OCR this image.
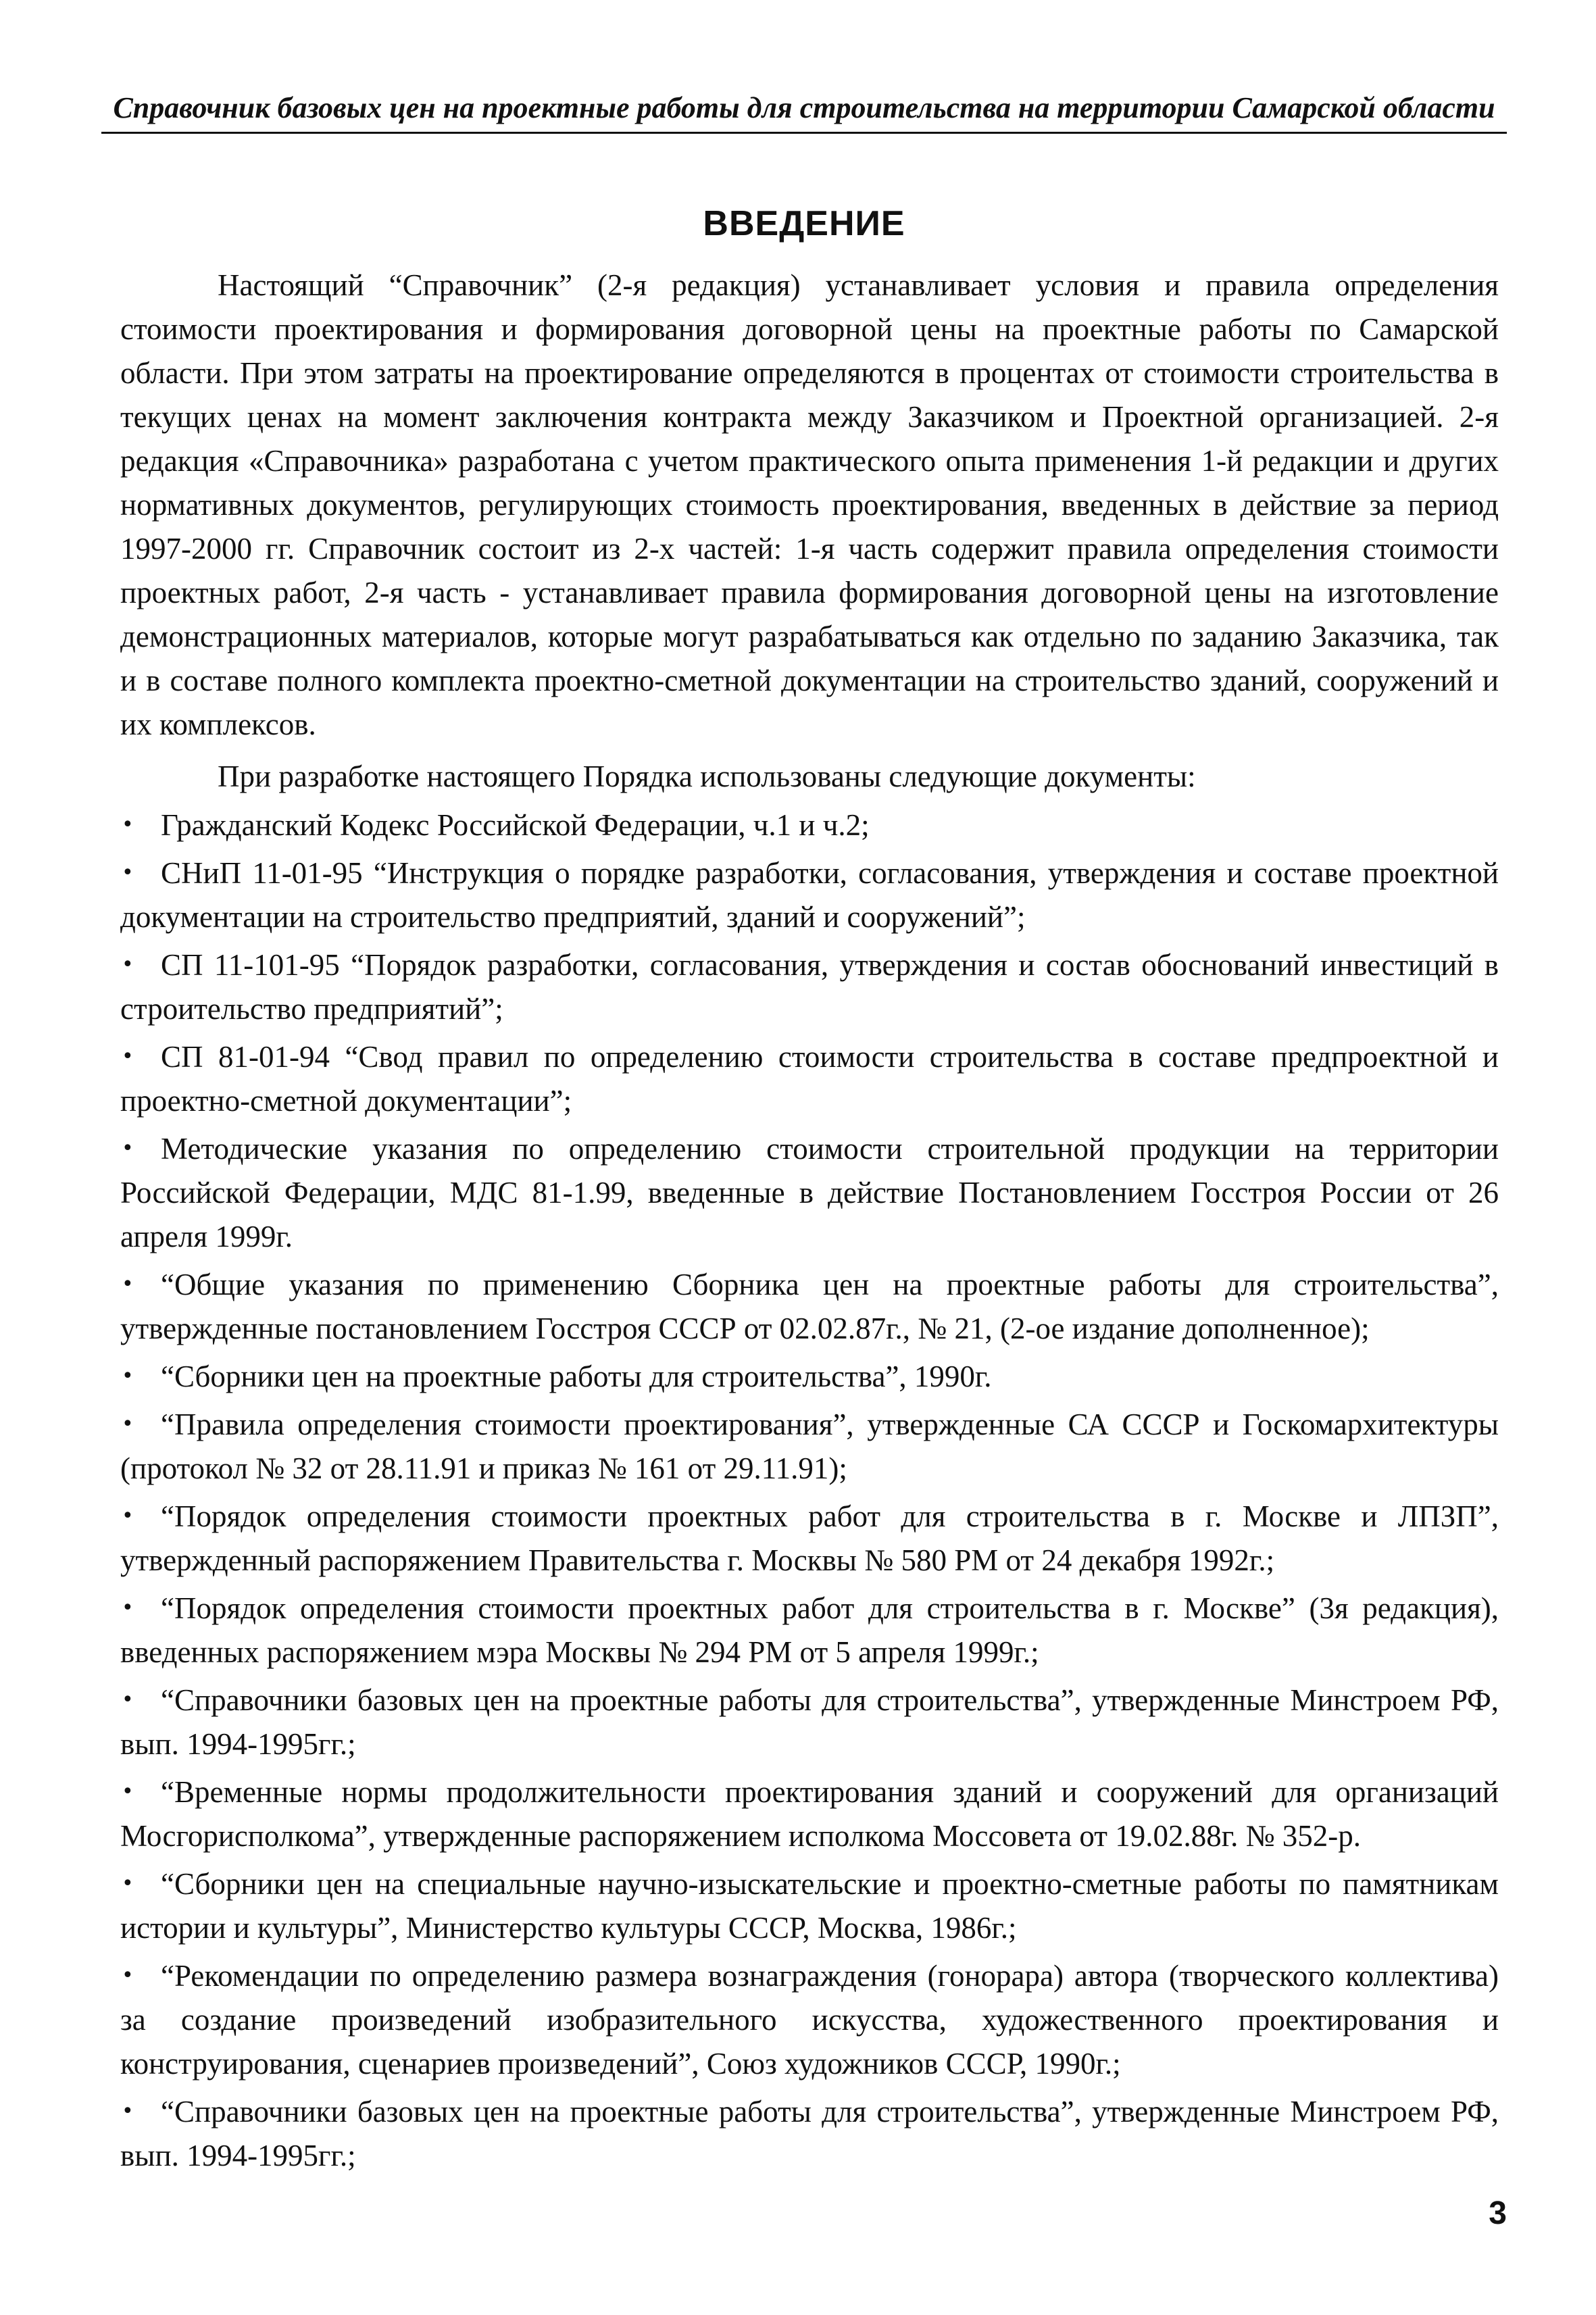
Справочник базовых цен на проектные работы для строительства на территории Самарской области
ВВЕДЕНИЕ

Настоящий “Справочник” (2-я редакция) устанавливает условия и правила определения стоимости проектирования и формирования договорной цены на проектные работы по Самарской области. При этом затраты на проектирование определяются в процентах от стоимости строительства в текущих ценах на момент заключения контракта между Заказчиком и Проектной организацией. 2-я редакция «Справочника» разработана с учетом практического опыта применения 1-й редакции и других нормативных документов, регулирующих стоимость проектирования, введенных в действие за период 1997-2000 гг. Справочник состоит из 2-х частей: 1-я часть содержит правила определения стоимости проектных работ, 2-я часть - устанавливает правила формирования договорной цены на изготовление демонстрационных материалов, которые могут разрабатываться как отдельно по заданию Заказчика, так и в составе полного комплекта проектно-сметной документации на строительство зданий, сооружений и их комплексов.

При разработке настоящего Порядка использованы следующие документы:

• Гражданский Кодекс Российской Федерации, ч.1 и ч.2;
• СНиП 11-01-95 “Инструкция о порядке разработки, согласования, утверждения и составе проектной документации на строительство предприятий, зданий и сооружений”;
• СП 11-101-95 “Порядок разработки, согласования, утверждения и состав обоснований инвестиций в строительство предприятий”;
• СП 81-01-94 “Свод правил по определению стоимости строительства в составе предпроектной и проектно-сметной документации”;
• Методические указания по определению стоимости строительной продукции на территории Российской Федерации, МДС 81-1.99, введенные в действие Постановлением Госстроя России от 26 апреля 1999г.
• “Общие указания по применению Сборника цен на проектные работы для строительства”, утвержденные постановлением Госстроя СССР от 02.02.87г., № 21, (2-ое издание дополненное);
• “Сборники цен на проектные работы для строительства”, 1990г.
• “Правила определения стоимости проектирования”, утвержденные СА СССР и Госкомархитектуры (протокол № 32 от 28.11.91 и приказ № 161 от 29.11.91);
• “Порядок определения стоимости проектных работ для строительства в г. Москве и ЛПЗП”, утвержденный распоряжением Правительства г. Москвы № 580 РМ от 24 декабря 1992г.;
• “Порядок определения стоимости проектных работ для строительства в г. Москве” (3я редакция), введенных распоряжением мэра Москвы № 294 РМ от 5 апреля 1999г.;
• “Справочники базовых цен на проектные работы для строительства”, утвержденные Минстроем РФ, вып. 1994-1995гг.;
• “Временные нормы продолжительности проектирования зданий и сооружений для организаций Мосгорисполкома”, утвержденные распоряжением исполкома Моссовета от 19.02.88г. № 352-р.
• “Сборники цен на специальные научно-изыскательские и проектно-сметные работы по памятникам истории и культуры”, Министерство культуры СССР, Москва, 1986г.;
• “Рекомендации по определению размера вознаграждения (гонорара) автора (творческого коллектива) за создание произведений изобразительного искусства, художественного проектирования и конструирования, сценариев произведений”, Союз художников СССР, 1990г.;
• “Справочники базовых цен на проектные работы для строительства”, утвержденные Минстроем РФ, вып. 1994-1995гг.;
3
